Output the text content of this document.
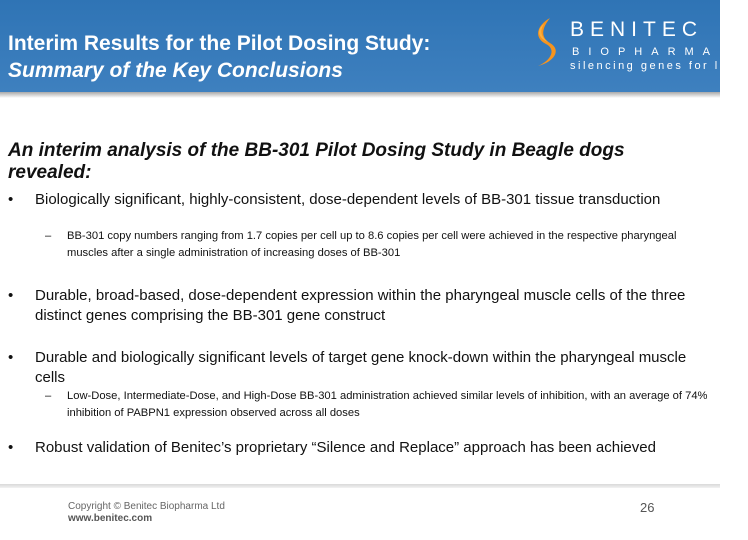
Interim Results for the Pilot Dosing Study: Summary of the Key Conclusions
BENITEC
BIOPHARMA
silencing genes for life™
An interim analysis of the BB-301 Pilot Dosing Study in Beagle dogs revealed:
• Biologically significant, highly-consistent, dose-dependent levels of BB-301 tissue transduction
– BB-301 copy numbers ranging from 1.7 copies per cell up to 8.6 copies per cell were achieved in the respective pharyngeal muscles after a single administration of increasing doses of BB-301
• Durable, broad-based, dose-dependent expression within the pharyngeal muscle cells of the three distinct genes comprising the BB-301 gene construct
• Durable and biologically significant levels of target gene knock-down within the pharyngeal muscle cells
– Low-Dose, Intermediate-Dose, and High-Dose BB-301 administration achieved similar levels of inhibition, with an average of 74% inhibition of PABPN1 expression observed across all doses
• Robust validation of Benitec’s proprietary “Silence and Replace” approach has been achieved
Copyright © Benitec Biopharma Ltd
www.benitec.com
26
